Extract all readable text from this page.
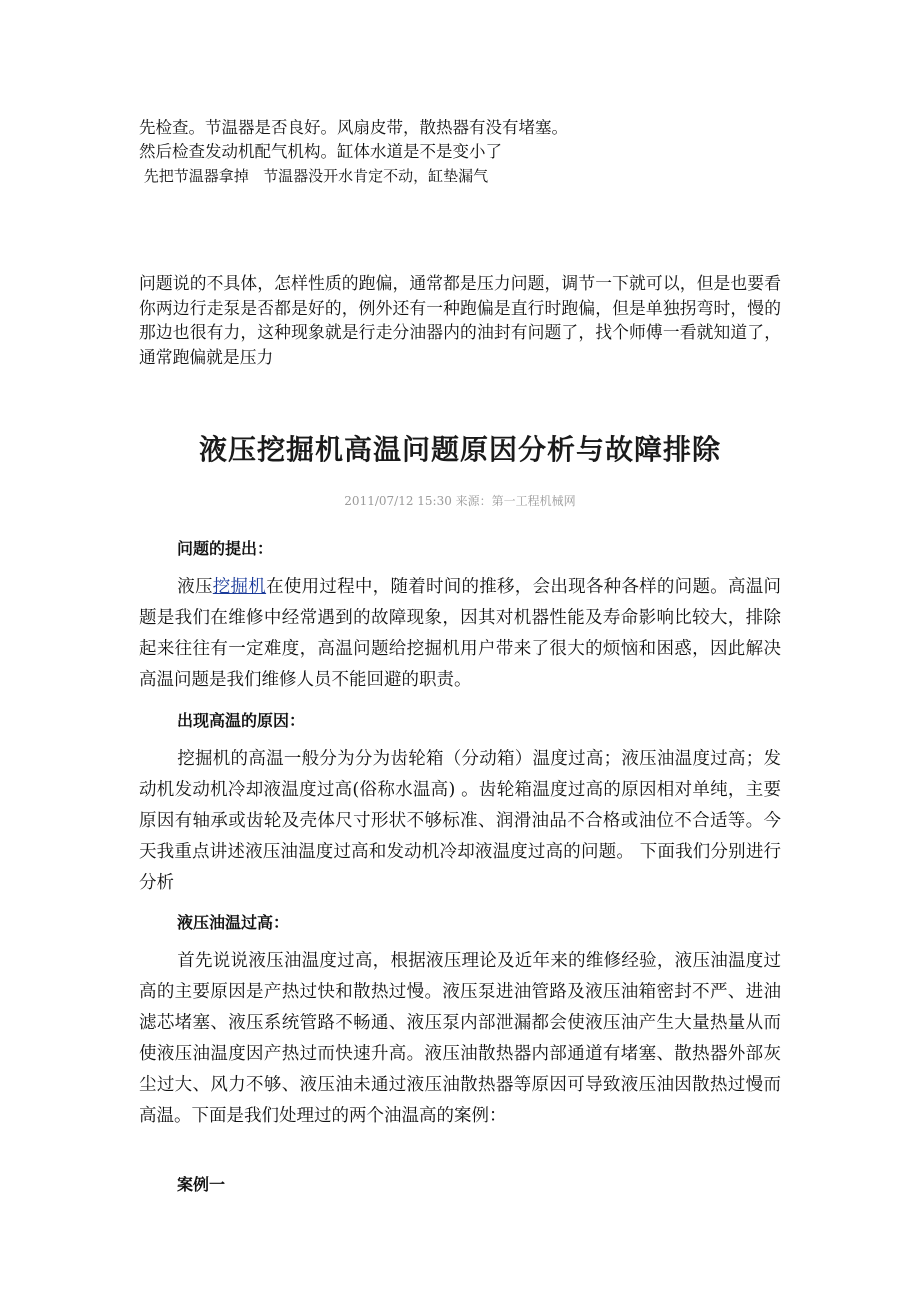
先检查。节温器是否良好。风扇皮带，散热器有没有堵塞。
然后检查发动机配气机构。缸体水道是不是变小了
先把节温器拿掉   节温器没开水肯定不动，缸垫漏气
问题说的不具体，怎样性质的跑偏，通常都是压力问题，调节一下就可以，但是也要看你两边行走泵是否都是好的，例外还有一种跑偏是直行时跑偏，但是单独拐弯时，慢的那边也很有力，这种现象就是行走分油器内的油封有问题了，找个师傅一看就知道了，通常跑偏就是压力
液压挖掘机高温问题原因分析与故障排除
2011/07/12 15:30 来源：第一工程机械网
问题的提出：
液压挖掘机在使用过程中，随着时间的推移，会出现各种各样的问题。高温问题是我们在维修中经常遇到的故障现象，因其对机器性能及寿命影响比较大，排除起来往往有一定难度，高温问题给挖掘机用户带来了很大的烦恼和困惑，因此解决高温问题是我们维修人员不能回避的职责。
出现高温的原因：
挖掘机的高温一般分为分为齿轮箱（分动箱）温度过高；液压油温度过高；发动机发动机冷却液温度过高(俗称水温高) 。齿轮箱温度过高的原因相对单纯，主要原因有轴承或齿轮及壳体尺寸形状不够标准、润滑油品不合格或油位不合适等。今天我重点讲述液压油温度过高和发动机冷却液温度过高的问题。 下面我们分别进行分析
液压油温过高：
首先说说液压油温度过高，根据液压理论及近年来的维修经验，液压油温度过高的主要原因是产热过快和散热过慢。液压泵进油管路及液压油箱密封不严、进油滤芯堵塞、液压系统管路不畅通、液压泵内部泄漏都会使液压油产生大量热量从而使液压油温度因产热过而快速升高。液压油散热器内部通道有堵塞、散热器外部灰尘过大、风力不够、液压油未通过液压油散热器等原因可导致液压油因散热过慢而高温。下面是我们处理过的两个油温高的案例：
案例一
